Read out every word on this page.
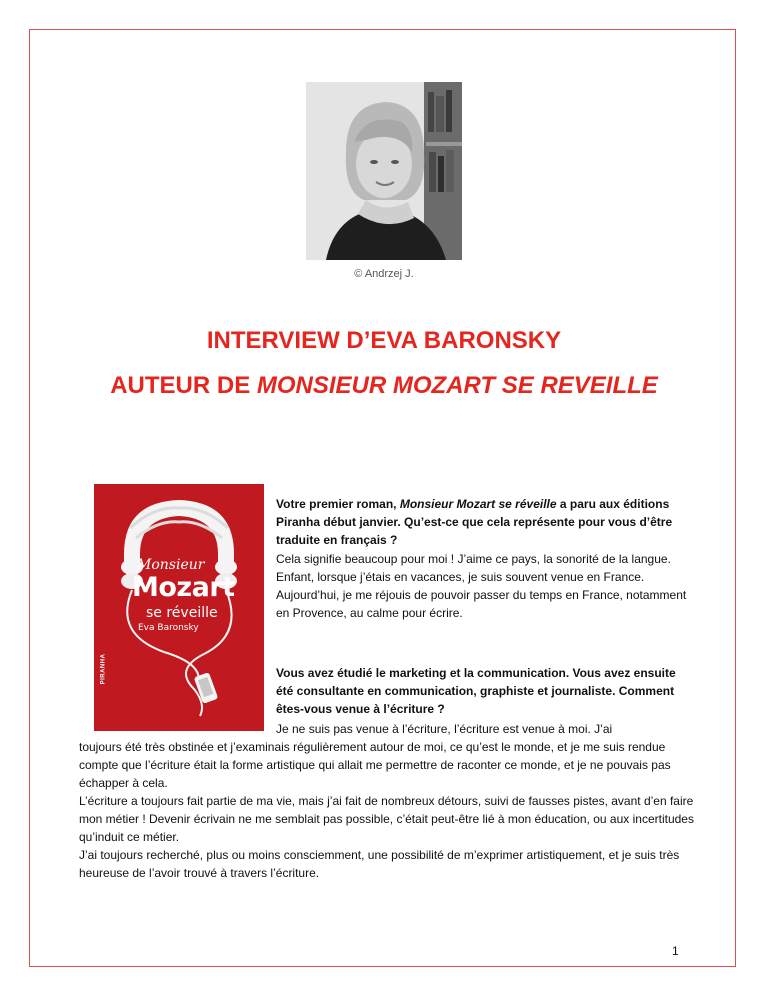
© Andrzej J.
INTERVIEW D’EVA BARONSKY
AUTEUR DE MONSIEUR MOZART SE REVEILLE
Monsieur
Mozart
se réveille
Eva Baronsky
PIRANHA

Votre premier roman, Monsieur Mozart se réveille a paru aux éditions Piranha début janvier. Qu’est-ce que cela représente pour vous d’être traduite en français ?

Cela signifie beaucoup pour moi ! J’aime ce pays, la sonorité de la langue. Enfant, lorsque j’étais en vacances, je suis souvent venue en France. Aujourd’hui, je me réjouis de pouvoir passer du temps en France, notamment en Provence, au calme pour écrire.

Vous avez étudié le marketing et la communication. Vous avez ensuite été consultante en communication, graphiste et journaliste. Comment êtes-vous venue à l’écriture ?

Je ne suis pas venue à l’écriture, l’écriture est venue à moi. J’ai

toujours été très obstinée et j’examinais régulièrement autour de moi, ce qu’est le monde, et je me suis rendue compte que l’écriture était la forme artistique qui allait me permettre de raconter ce monde, et je ne pouvais pas échapper à cela.

L’écriture a toujours fait partie de ma vie, mais j’ai fait de nombreux détours, suivi de fausses pistes, avant d’en faire mon métier ! Devenir écrivain ne me semblait pas possible, c’était peut-être lié à mon éducation, ou aux incertitudes qu’induit ce métier.

J’ai toujours recherché, plus ou moins consciemment, une possibilité de m’exprimer artistiquement, et je suis très heureuse de l’avoir trouvé à travers l’écriture.

1
